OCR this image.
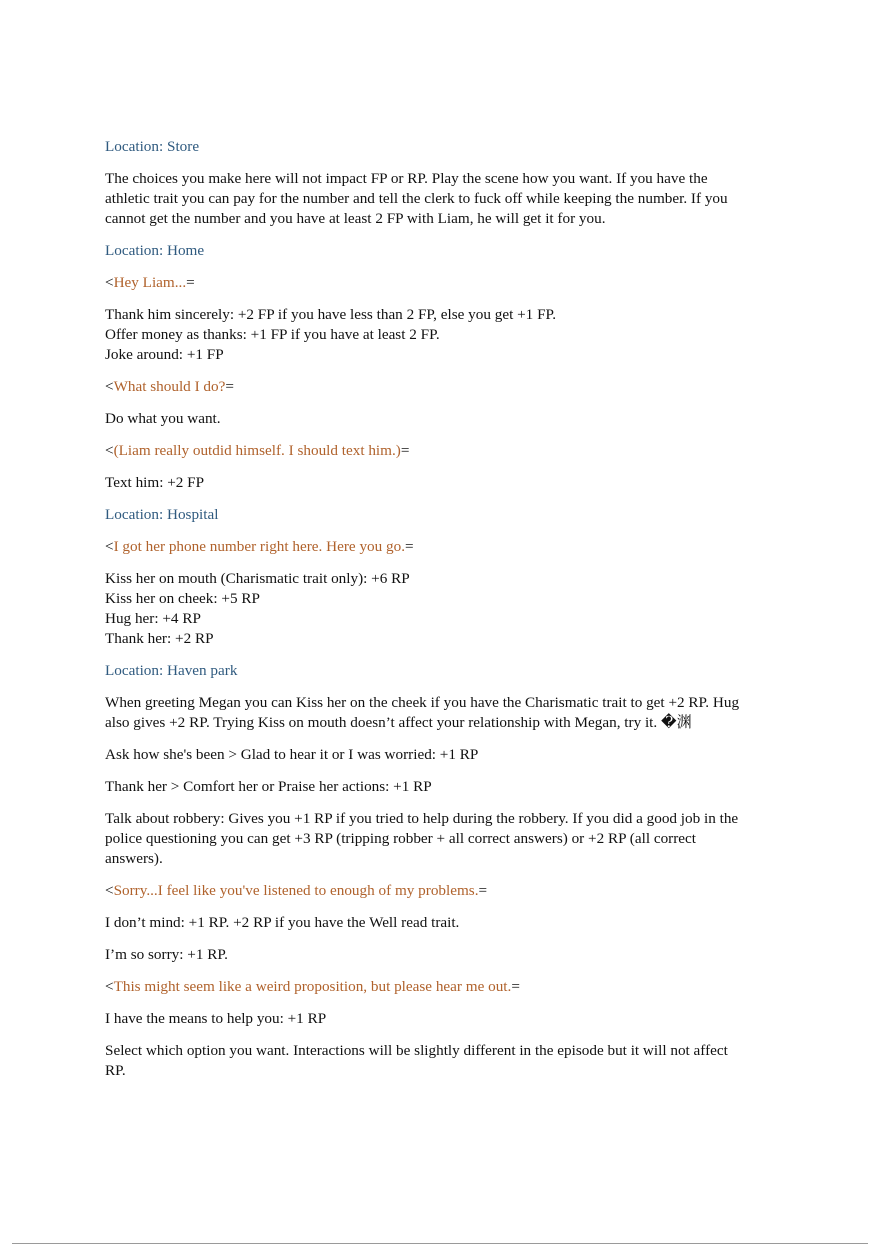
Location: Store
The choices you make here will not impact FP or RP. Play the scene how you want. If you have the athletic trait you can pay for the number and tell the clerk to fuck off while keeping the number. If you cannot get the number and you have at least 2 FP with Liam, he will get it for you.
Location: Home
<Hey Liam...=
Thank him sincerely: +2 FP if you have less than 2 FP, else you get +1 FP.
Offer money as thanks: +1 FP if you have at least 2 FP.
Joke around: +1 FP
<What should I do?=
Do what you want.
<(Liam really outdid himself. I should text him.)=
Text him: +2 FP
Location: Hospital
<I got her phone number right here. Here you go.=
Kiss her on mouth (Charismatic trait only): +6 RP
Kiss her on cheek: +5 RP
Hug her: +4 RP
Thank her: +2 RP
Location: Haven park
When greeting Megan you can Kiss her on the cheek if you have the Charismatic trait to get +2 RP. Hug also gives +2 RP. Trying Kiss on mouth doesn’t affect your relationship with Megan, try it. �渊
Ask how she's been > Glad to hear it or I was worried: +1 RP
Thank her > Comfort her or Praise her actions: +1 RP
Talk about robbery: Gives you +1 RP if you tried to help during the robbery. If you did a good job in the police questioning you can get +3 RP (tripping robber + all correct answers) or +2 RP (all correct answers).
<Sorry...I feel like you've listened to enough of my problems.=
I don’t mind: +1 RP. +2 RP if you have the Well read trait.
I’m so sorry: +1 RP.
<This might seem like a weird proposition, but please hear me out.=
I have the means to help you: +1 RP
Select which option you want. Interactions will be slightly different in the episode but it will not affect RP.
